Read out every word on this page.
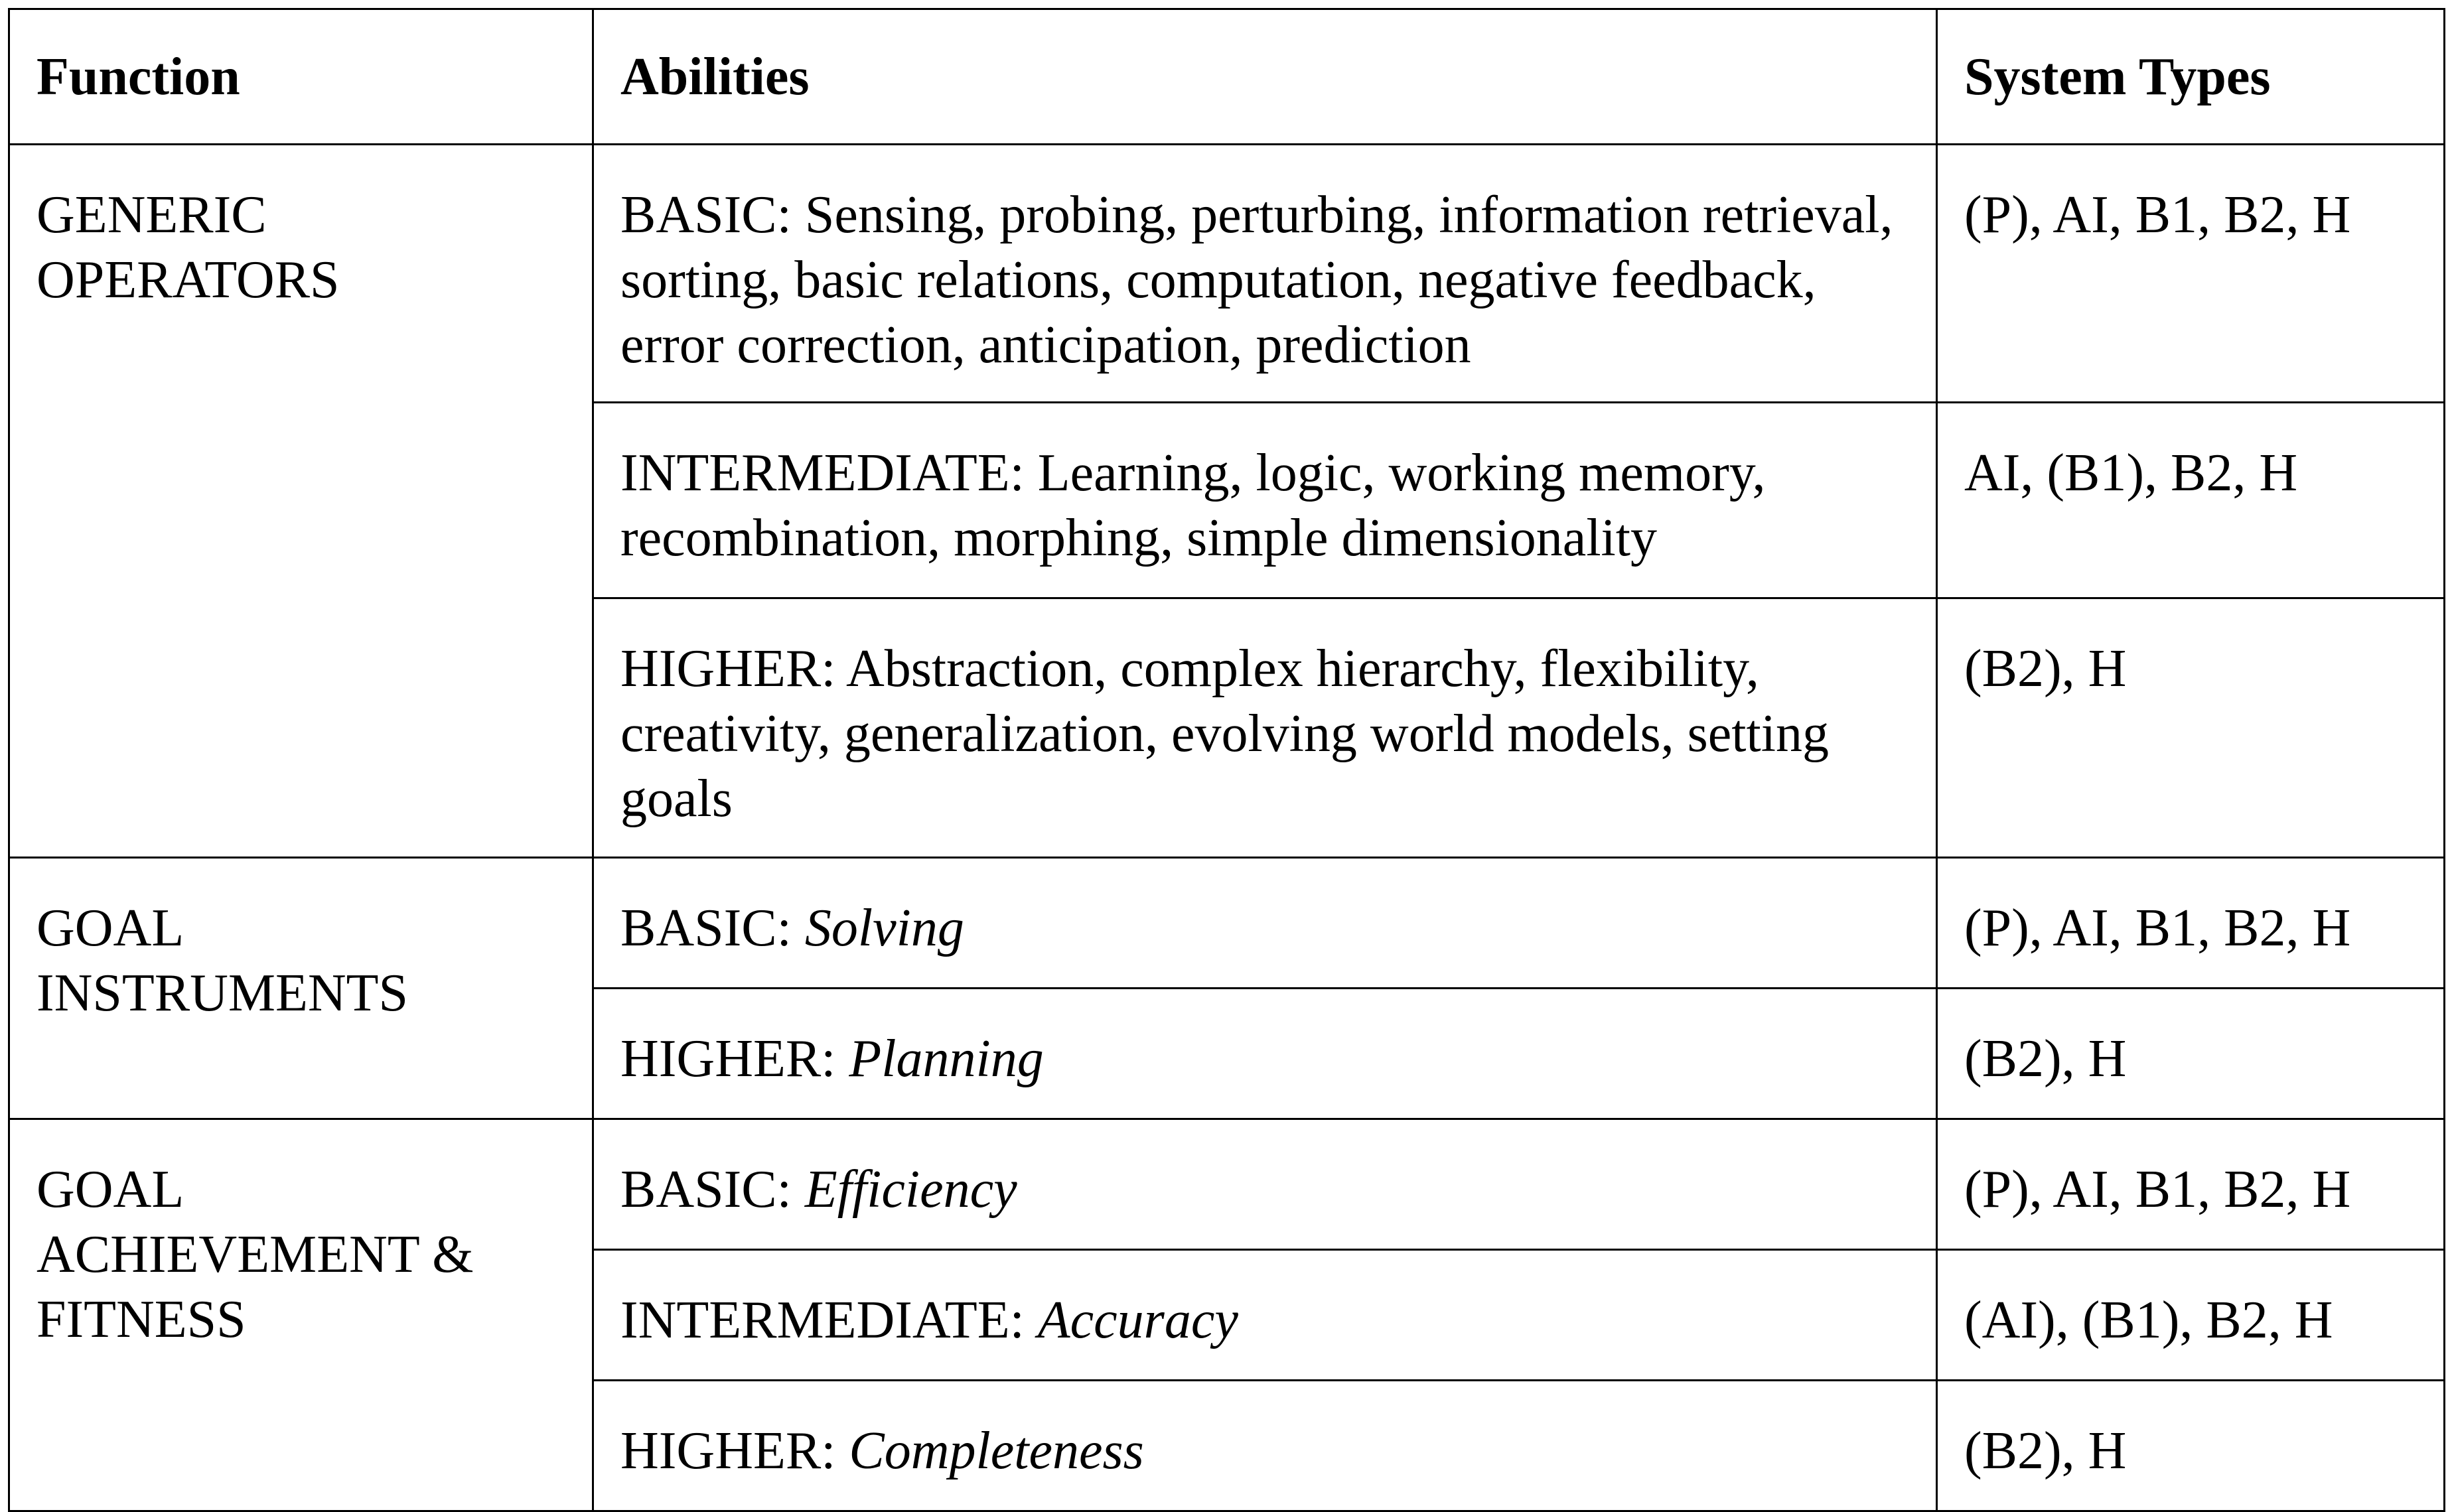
Function	Abilities	System Types
GENERIC OPERATORS	BASIC: Sensing, probing, perturbing, information retrieval, sorting, basic relations, computation, negative feedback, error correction, anticipation, prediction	(P), AI, B1, B2, H
	INTERMEDIATE: Learning, logic, working memory, recombination, morphing, simple dimensionality	AI, (B1), B2, H
	HIGHER: Abstraction, complex hierarchy, flexibility, creativity, generalization, evolving world models, setting goals	(B2), H
GOAL INSTRUMENTS	BASIC: Solving	(P), AI, B1, B2, H
	HIGHER: Planning	(B2), H
GOAL ACHIEVEMENT & FITNESS	BASIC: Efficiency	(P), AI, B1, B2, H
	INTERMEDIATE: Accuracy	(AI), (B1), B2, H
	HIGHER: Completeness	(B2), H
